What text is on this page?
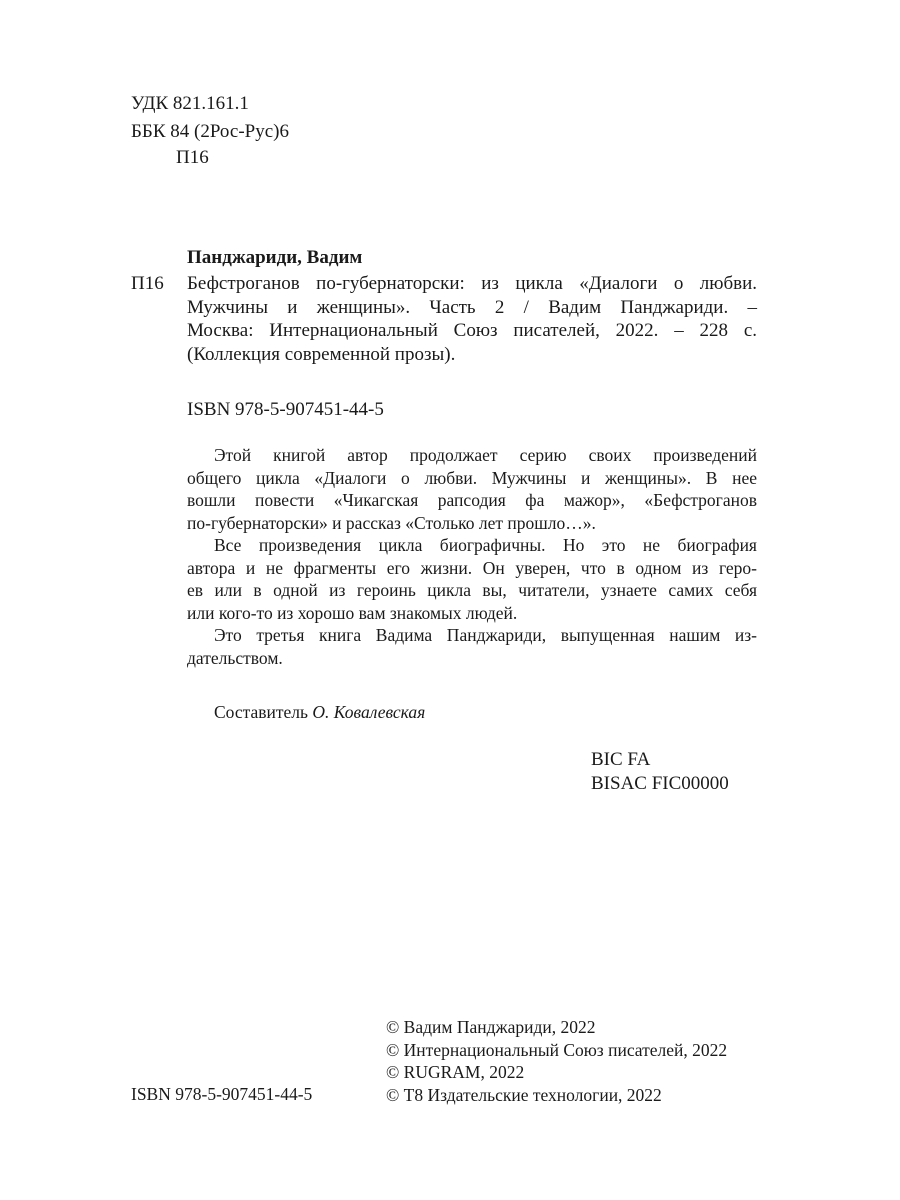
УДК 821.161.1
ББК 84 (2Рос-Рус)6
П16
Панджариди, Вадим
П16 Бефстроганов по-губернаторски: из цикла «Диалоги о любви.
Мужчины и женщины». Часть 2 / Вадим Панджариди. –
Москва: Интернациональный Союз писателей, 2022. – 228 с.
(Коллекция современной прозы).
ISBN 978-5-907451-44-5
Этой книгой автор продолжает серию своих произведений
общего цикла «Диалоги о любви. Мужчины и женщины». В нее
вошли повести «Чикагская рапсодия фа мажор», «Бефстроганов
по-губернаторски» и рассказ «Столько лет прошло…».
Все произведения цикла биографичны. Но это не биография
автора и не фрагменты его жизни. Он уверен, что в одном из геро-
ев или в одной из героинь цикла вы, читатели, узнаете самих себя
или кого-то из хорошо вам знакомых людей.
Это третья книга Вадима Панджариди, выпущенная нашим из-
дательством.
Составитель О. Ковалевская
BIC FA
BISAC FIC00000
ISBN 978-5-907451-44-5
© Вадим Панджариди, 2022
© Интернациональный Союз писателей, 2022
© RUGRAM, 2022
© Т8 Издательские технологии, 2022
